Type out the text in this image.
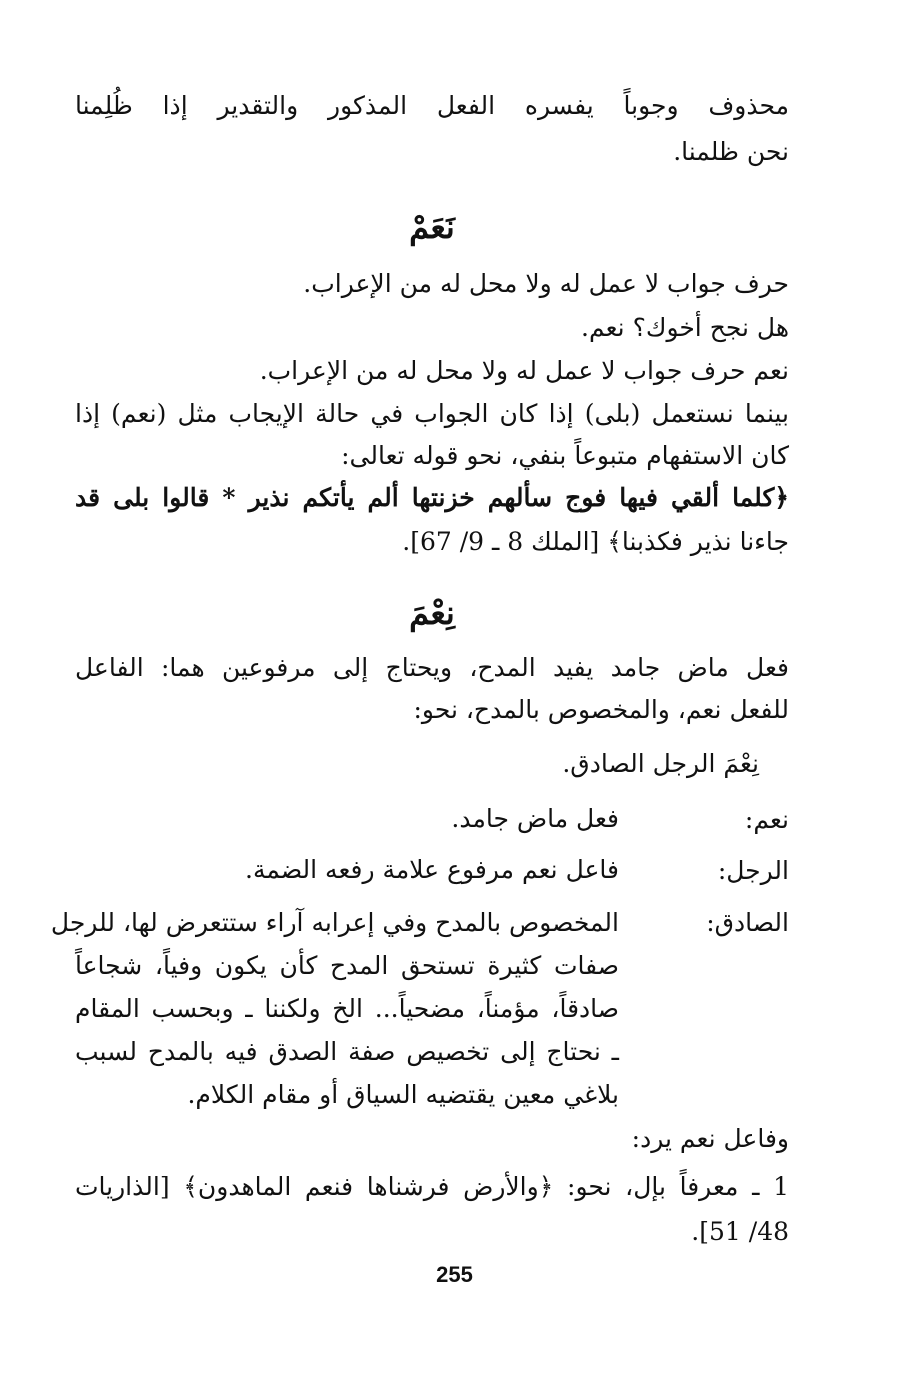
محذوف وجوباً يفسره الفعل المذكور والتقدير إذا ظُلِمنا
نحن ظلمنا.
نَعَمْ
حرف جواب لا عمل له ولا محل له من الإعراب.
هل نجح أخوك؟ نعم.
نعم حرف جواب لا عمل له ولا محل له من الإعراب.
بينما نستعمل (بلى) إذا كان الجواب في حالة الإيجاب مثل (نعم) إذا
كان الاستفهام متبوعاً بنفي، نحو قوله تعالى:
﴿كلما ألقي فيها فوج سألهم خزنتها ألم يأتكم نذير * قالوا بلى قد
جاءنا نذير فكذبنا﴾ [الملك 8 ـ 9/ 67].
نِعْمَ
فعل ماض جامد يفيد المدح، ويحتاج إلى مرفوعين هما: الفاعل
للفعل نعم، والمخصوص بالمدح، نحو:
نِعْمَ الرجل الصادق.
نعم:
فعل ماض جامد.
الرجل:
فاعل نعم مرفوع علامة رفعه الضمة.
الصادق:
المخصوص بالمدح وفي إعرابه آراء ستتعرض لها، للرجل
صفات كثيرة تستحق المدح كأن يكون وفياً، شجاعاً
صادقاً، مؤمناً، مضحياً... الخ ولكننا ـ وبحسب المقام
ـ نحتاج إلى تخصيص صفة الصدق فيه بالمدح لسبب
بلاغي معين يقتضيه السياق أو مقام الكلام.
وفاعل نعم يرد:
1 ـ معرفاً بإل، نحو: ﴿والأرض فرشناها فنعم الماهدون﴾ [الذاريات
48/ 51].
255
